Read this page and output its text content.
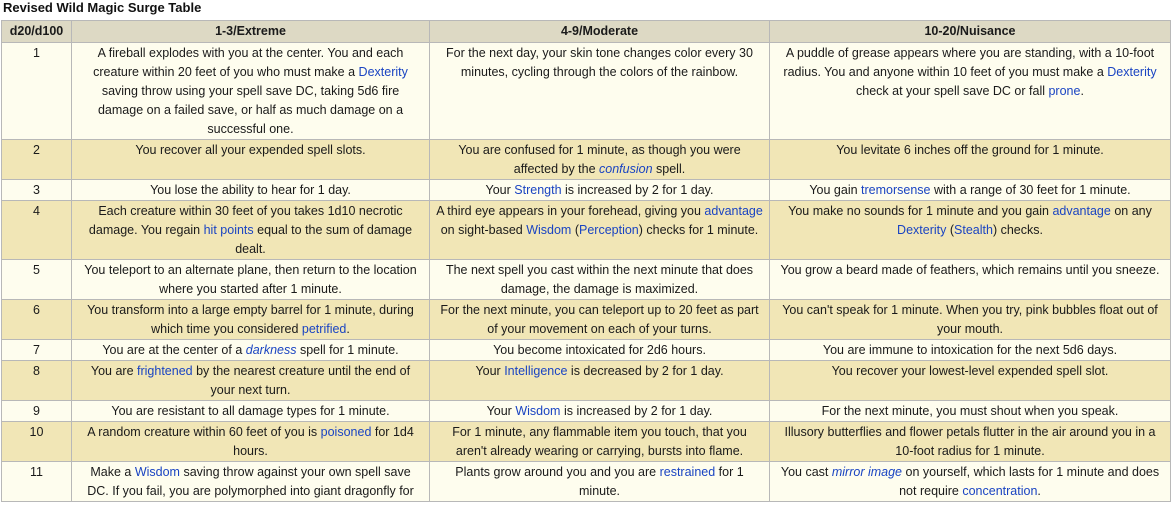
Revised Wild Magic Surge Table
d20/d100	1-3/Extreme	4-9/Moderate	10-20/Nuisance
1	A fireball explodes with you at the center. You and each creature within 20 feet of you who must make a Dexterity saving throw using your spell save DC, taking 5d6 fire damage on a failed save, or half as much damage on a successful one.	For the next day, your skin tone changes color every 30 minutes, cycling through the colors of the rainbow.	A puddle of grease appears where you are standing, with a 10-foot radius. You and anyone within 10 feet of you must make a Dexterity check at your spell save DC or fall prone.
2	You recover all your expended spell slots.	You are confused for 1 minute, as though you were affected by the confusion spell.	You levitate 6 inches off the ground for 1 minute.
3	You lose the ability to hear for 1 day.	Your Strength is increased by 2 for 1 day.	You gain tremorsense with a range of 30 feet for 1 minute.
4	Each creature within 30 feet of you takes 1d10 necrotic damage. You regain hit points equal to the sum of damage dealt.	A third eye appears in your forehead, giving you advantage on sight-based Wisdom (Perception) checks for 1 minute.	You make no sounds for 1 minute and you gain advantage on any Dexterity (Stealth) checks.
5	You teleport to an alternate plane, then return to the location where you started after 1 minute.	The next spell you cast within the next minute that does damage, the damage is maximized.	You grow a beard made of feathers, which remains until you sneeze.
6	You transform into a large empty barrel for 1 minute, during which time you considered petrified.	For the next minute, you can teleport up to 20 feet as part of your movement on each of your turns.	You can't speak for 1 minute. When you try, pink bubbles float out of your mouth.
7	You are at the center of a darkness spell for 1 minute.	You become intoxicated for 2d6 hours.	You are immune to intoxication for the next 5d6 days.
8	You are frightened by the nearest creature until the end of your next turn.	Your Intelligence is decreased by 2 for 1 day.	You recover your lowest-level expended spell slot.
9	You are resistant to all damage types for 1 minute.	Your Wisdom is increased by 2 for 1 day.	For the next minute, you must shout when you speak.
10	A random creature within 60 feet of you is poisoned for 1d4 hours.	For 1 minute, any flammable item you touch, that you aren't already wearing or carrying, bursts into flame.	Illusory butterflies and flower petals flutter in the air around you in a 10-foot radius for 1 minute.
11	Make a Wisdom saving throw against your own spell save DC. If you fail, you are polymorphed into giant dragonfly for	Plants grow around you and you are restrained for 1 minute.	You cast mirror image on yourself, which lasts for 1 minute and does not require concentration.
